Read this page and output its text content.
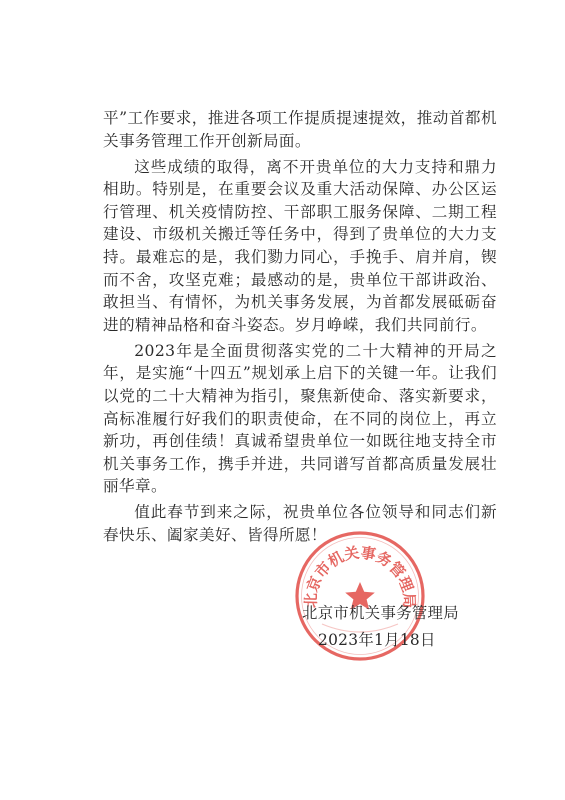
平”工作要求，推进各项工作提质提速提效，推动首都机关事务管理工作开创新局面。

这些成绩的取得，离不开贵单位的大力支持和鼎力相助。特别是，在重要会议及重大活动保障、办公区运行管理、机关疫情防控、干部职工服务保障、二期工程建设、市级机关搬迁等任务中，得到了贵单位的大力支持。最难忘的是，我们勠力同心，手挽手、肩并肩，锲而不舍，攻坚克难；最感动的是，贵单位干部讲政治、敢担当、有情怀，为机关事务发展，为首都发展砥砺奋进的精神品格和奋斗姿态。岁月峥嵘，我们共同前行。

2023年是全面贯彻落实党的二十大精神的开局之年，是实施“十四五”规划承上启下的关键一年。让我们以党的二十大精神为指引，聚焦新使命、落实新要求，高标准履行好我们的职责使命，在不同的岗位上，再立新功，再创佳绩！真诚希望贵单位一如既往地支持全市机关事务工作，携手并进，共同谱写首都高质量发展壮丽华章。

值此春节到来之际，祝贵单位各位领导和同志们新春快乐、阖家美好、皆得所愿！

北京市机关事务管理局
北京市机关事务管理局
2023年1月18日
